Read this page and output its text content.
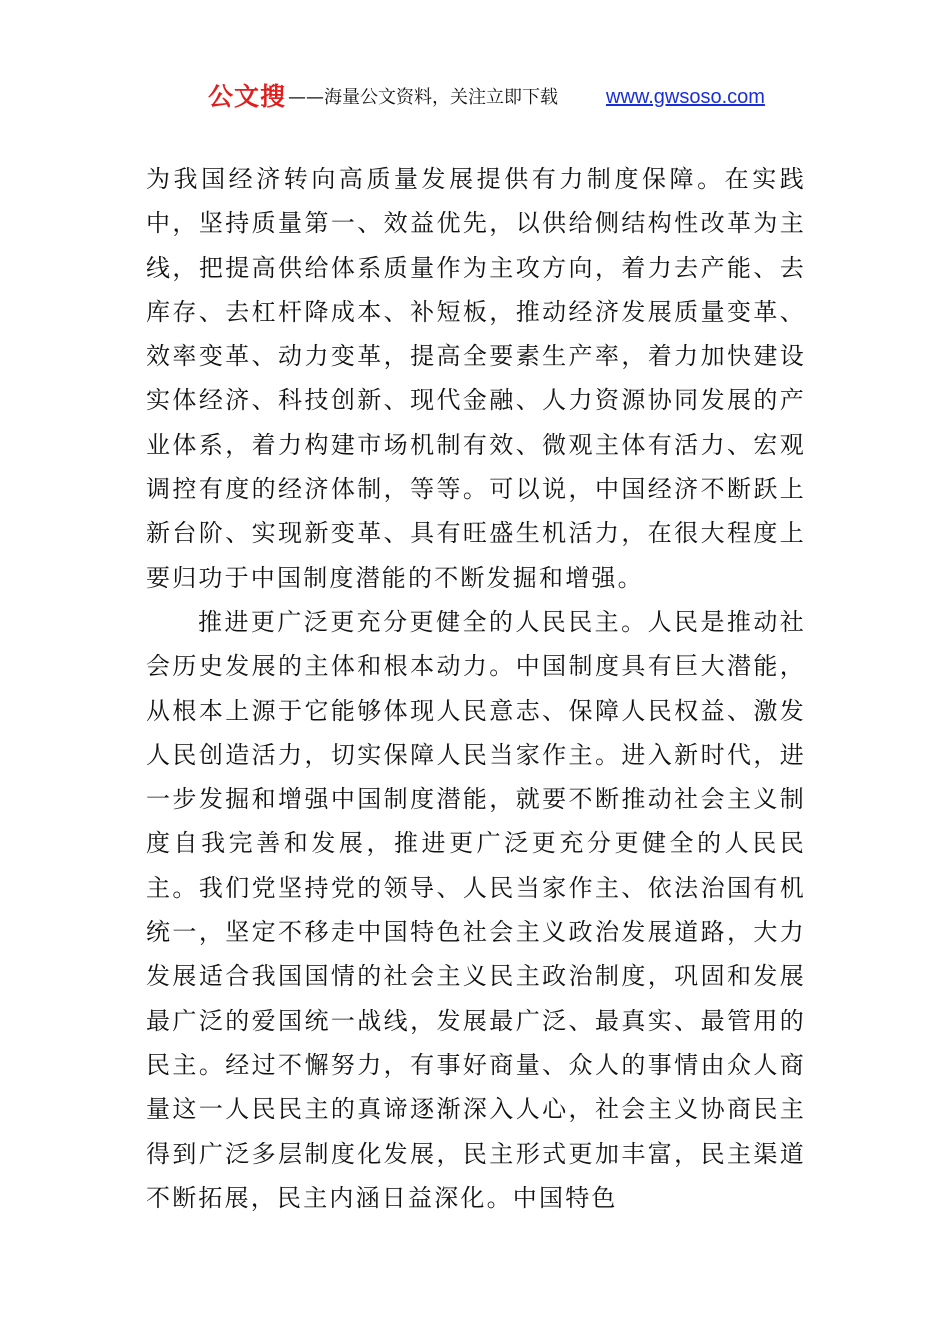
公文搜 ——海量公文资料，关注立即下载 www.gwsoso.com

为我国经济转向高质量发展提供有力制度保障。在实践中，坚持质量第一、效益优先，以供给侧结构性改革为主线，把提高供给体系质量作为主攻方向，着力去产能、去库存、去杠杆降成本、补短板，推动经济发展质量变革、效率变革、动力变革，提高全要素生产率，着力加快建设实体经济、科技创新、现代金融、人力资源协同发展的产业体系，着力构建市场机制有效、微观主体有活力、宏观调控有度的经济体制，等等。可以说，中国经济不断跃上新台阶、实现新变革、具有旺盛生机活力，在很大程度上要归功于中国制度潜能的不断发掘和增强。

推进更广泛更充分更健全的人民民主。人民是推动社会历史发展的主体和根本动力。中国制度具有巨大潜能，从根本上源于它能够体现人民意志、保障人民权益、激发人民创造活力，切实保障人民当家作主。进入新时代，进一步发掘和增强中国制度潜能，就要不断推动社会主义制度自我完善和发展，推进更广泛更充分更健全的人民民主。我们党坚持党的领导、人民当家作主、依法治国有机统一，坚定不移走中国特色社会主义政治发展道路，大力发展适合我国国情的社会主义民主政治制度，巩固和发展最广泛的爱国统一战线，发展最广泛、最真实、最管用的民主。经过不懈努力，有事好商量、众人的事情由众人商量这一人民民主的真谛逐渐深入人心，社会主义协商民主得到广泛多层制度化发展，民主形式更加丰富，民主渠道不断拓展，民主内涵日益深化。中国特色
